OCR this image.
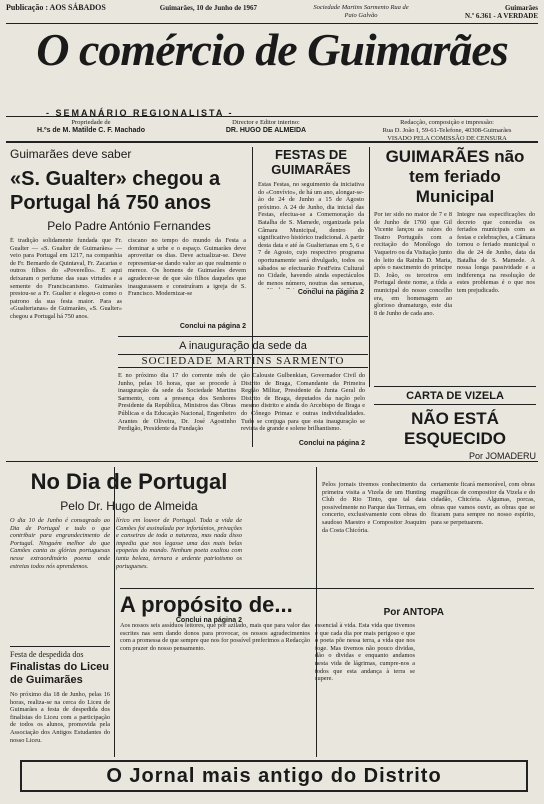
Publicação : AOS SÁBADOS	Guimarães, 10 de Junho de 1967	Sociedade Martins Sarmento Rua de Paio Galvão
Guimarães
N.º 6.361 - A VERDADE
O comércio de Guimarães
- SEMANÁRIO REGIONALISTA -
Propriedade de
H.ºs de M. Matilde C. F. Machado
Director e Editor interino:
DR. HUGO DE ALMEIDA
Redacção, composição e impressão:
Rua D. João I, 59-61-Telefone, 40308-Guimarães
VISADO PELA COMISSÃO DE CENSURA
Guimarães deve saber
«S. Gualter» chegou a Portugal há 750 anos
Pelo Padre António Fernandes

É tradição solidamente fundada que Fr. Gualter — «S. Gualter de Guimarães» — veio para Portugal em 1217, na companhia de Fr. Bernardo de Quintaval, Fr. Zacarias e outros filhos do «Poverello». E aqui deixaram o perfume das suas virtudes e a semente do Franciscanismo. Guimarães prestou-se a Fr. Gualter e elegeu-o como o patrono da sua festa maior. Para as «Gualterianas» de Guimarães, «S. Gualter» chegou a Portugal há 750 anos.

ciscano no tempo do mundo da Festa a dominar a urbe e o espaço. Guimarães deve aproveitar os dias. Deve actualizar-se. Deve representar-se dando valor ao que realmente o merece. Os homens de Guimarães devem agradecer-se de que são filhos daqueles que inaugurassem e construíram a igreja de S. Francisco. Modernizar-se

Conclui na página 2
FESTAS DE GUIMARÃES

Estas Festas, no seguimento da iniciativa do «Convívio», de há um ano, alongar-se-ão de 24 de Junho a 15 de Agosto próximo. A 24 de Junho, dia inicial das Festas, efectua-se a Comemoração da Batalha de S. Mamede, organizada pela Câmara Municipal, dentro do significativo histórico tradicional. A partir desta data e até às Gualterianas em 5, 6 e 7 de Agosto, cujo respectivo programa oportunamente será divulgado, todos os sábados se efectuarão FestFeira Cultural no Cidade, havendo ainda espectáculos de menos número, noutras das semanas,

Conclui na página 2
GUIMARÃES não tem feriado Municipal

Por ter sido no maior de 7 e 8 de Junho de 1760 que Gil Vicente lançou as raízes do Teatro Português com a recitação do Monólogo do Vaqueiro ou da Visitação junto do leito da Rainha D. Maria, após o nascimento do príncipe D. João, os terceiros em Portugal deste nome, a tôda a municipal do nosso concelho era, em homenagem ao glorioso dramaturgo, este dia 8 de Junho de cada ano.

Integre nas especificações do decreto que concedia os feriados municipais com as festas e celebrações, a Câmara tornou o feriado municipal o dia de 24 de Junho, data da Batalha de S. Mamede. A nossa longa passividade e a indiferença na resolução de estes problemas é o que nos tem prejudicado.

A inauguração da sede da
SOCIEDADE MARTINS SARMENTO

E no próximo dia 17 do corrente mês de Junho, pelas 16 horas, que se procede à inauguração da sede da Sociedade Martins Sarmento, com a presença dos Senhores Presidente da República, Ministros das Obras Públicas e da Educação Nacional, Engenheiro Arantes de Oliveira, Dr. José Agostinho Perdigão, Presidente da Fundação

ção Calouste Gulbenkian, Governador Civil do Distrito de Braga, Comandante da Primeira Região Militar, Presidente da Junta Geral do Distrito de Braga, deputados da nação pelo mesmo distrito e ainda do Arcebispo de Braga e do Cônego Primaz e outras individualidades. Tudo se conjuga para que esta inauguração se revista de grande e solene brilhantismo.

Conclui na página 2
CARTA DE VIZELA
NÃO ESTÁ ESQUECIDO
Por JOMADERU
No Dia de Portugal
Pelo Dr. Hugo de Almeida

O dia 10 de Junho é consagrado ao Dia de Portugal e tudo o que contribuir para engrandecimento de Portugal. Ninguém melhor do que Camões canta as glórias portuguesas nesse extraordinário poema onde estreias todos nós aprendemos.

lírico em louvor de Portugal. Toda a vida de Camões foi assinalada por infortúnios, privações e canseiras de toda a natureza, mas nada disso impediu que nos legasse uma das mais belas epopeias do mundo. Nenhum poeta exaltou com tanta beleza, ternura e ardente patriotismo os portugueses.

Conclui na página 2
Festa de despedida dos
Finalistas do Liceu de Guimarães

No próximo dia 18 de Junho, pelas 16 horas, realiza-se na cerca do Liceu de Guimarães a festa de despedida dos finalistas do Liceu com a participação de todos os alunos, promovida pela Associação dos Antigos Estudantes do nosso Liceu.

Pelos jornais tivemos conhecimento da primeira visita a Vizela de um Hunting Club do Rio Tinto, que tal data possivelmente no Parque das Termas, em concerto, exclusivamente com obras do saudoso Maestro e Compositor Joaquim da Costa Chicória.

certamente ficará memorável, com obras magníficas de compositor da Vizela e do cidadão, Chicória. Algumas, porcas, obras que vamos ouvir, as obras que se ficaram para sempre no nosso espírito, para se perpetuarem.

A propósito de...	Por ANTOPA

Aos nossos seis assíduos leitores, que por azilado, mais que para valor das escrites nas sem dando donos para provocar, os nossos agradecimentos com a promessa de que sempre que nos for possível preferimos a Redacção com prazer do nosso pensamento.

essencial à vida. Esta vida que tivemos e que cada dia por mais perigoso e que o poeta põe nessa terra, a vida que nos foge. Mas tivemos não pouco dividas, dão o dividas e enquanto andamos nesta vida de lágrimas, cumpre-nos a todos que esta andança à terra se supere.

O Jornal mais antigo do Distrito
